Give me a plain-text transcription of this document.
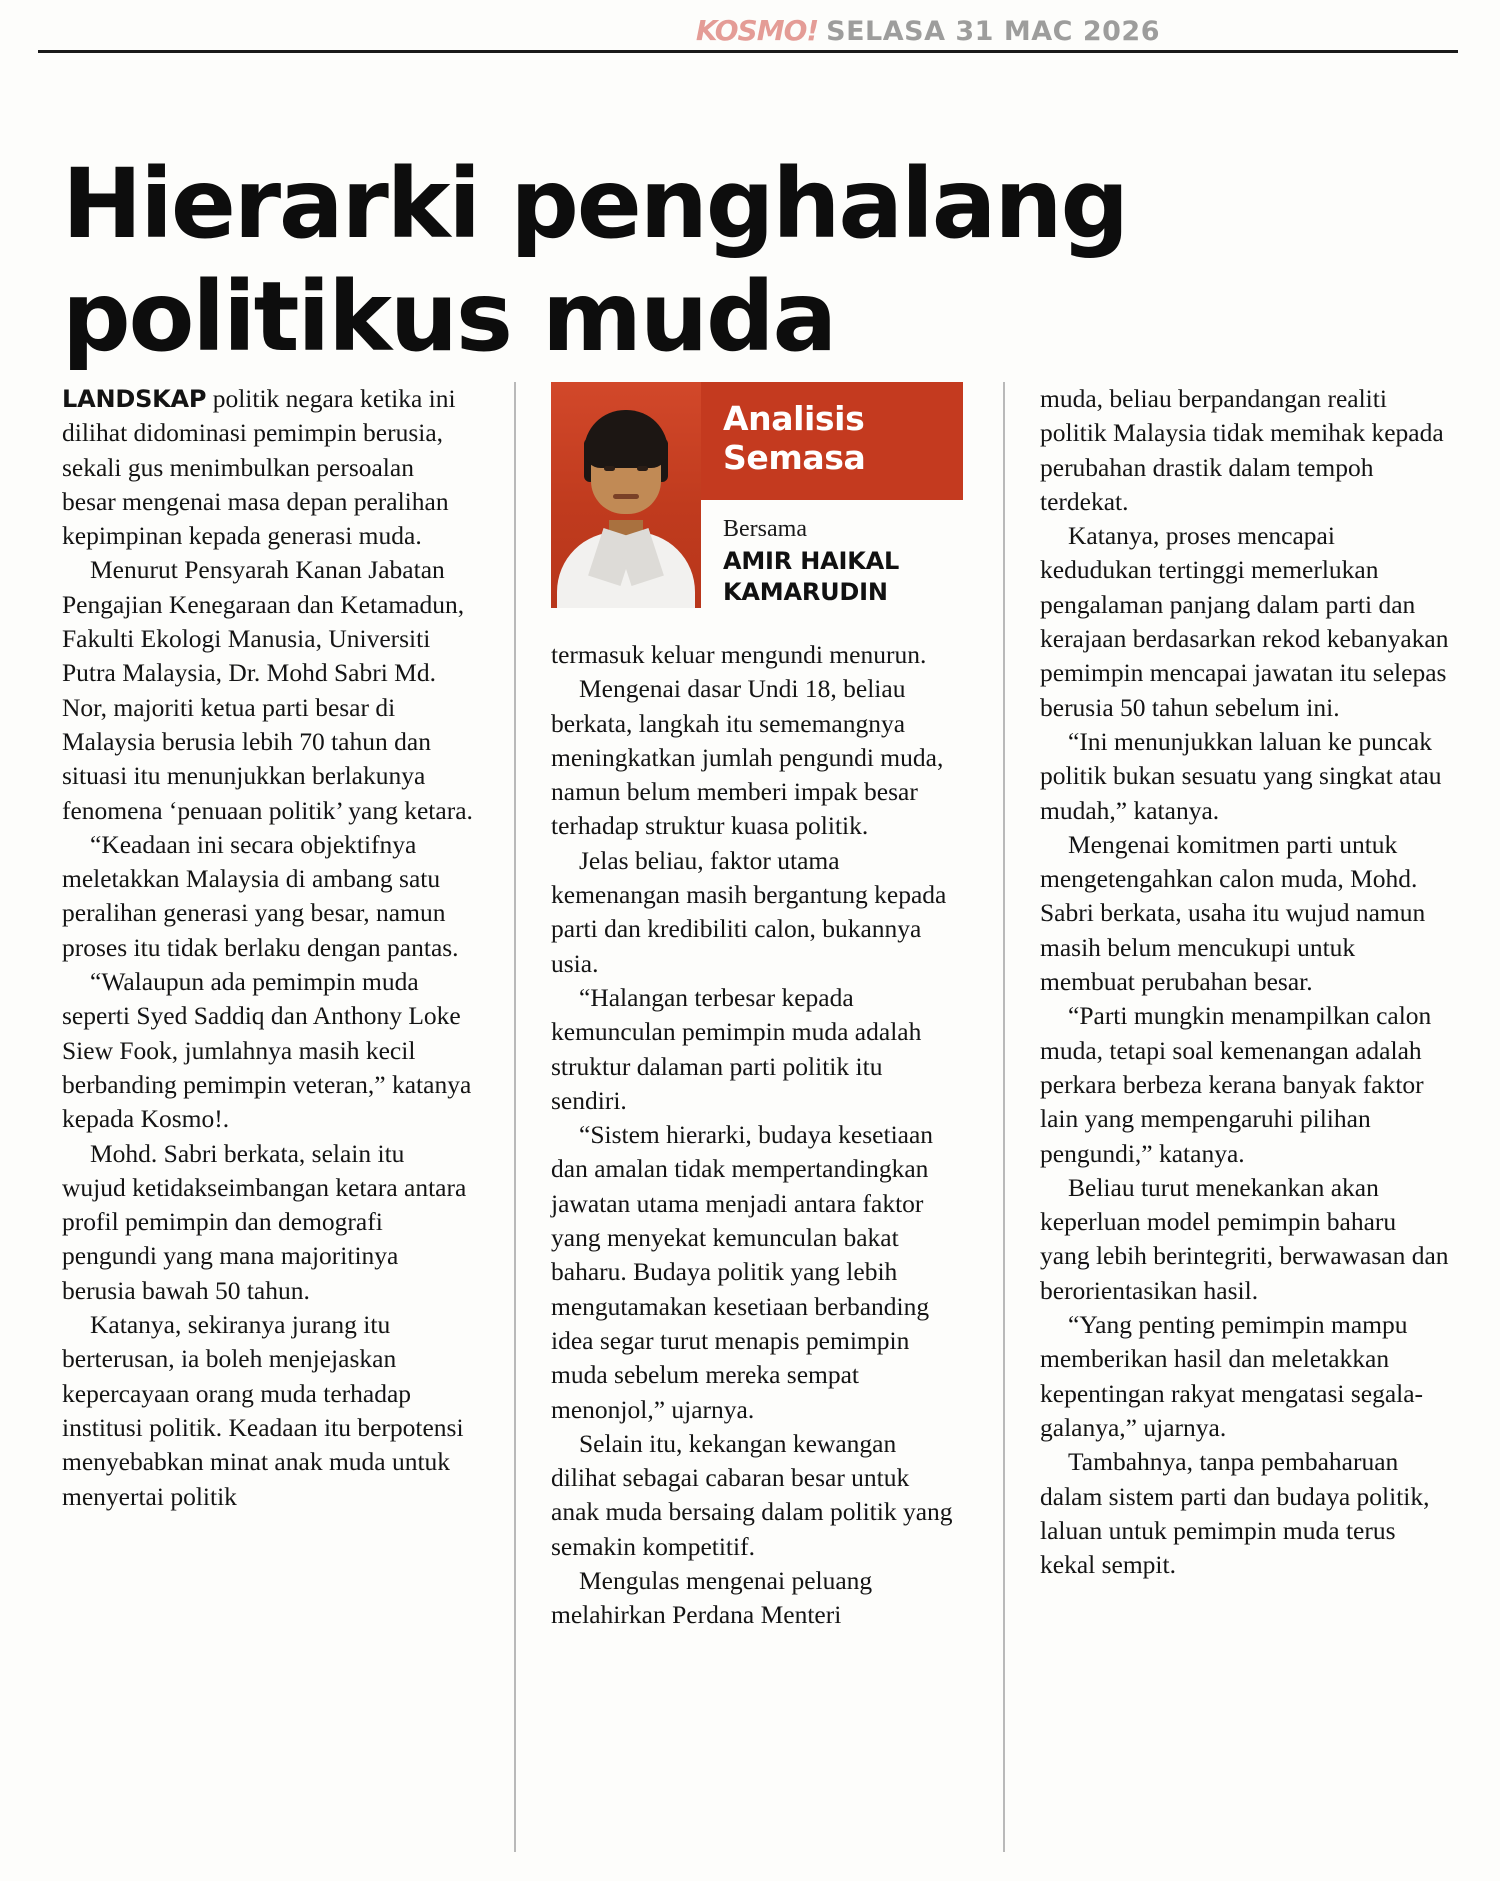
KOSMO! SELASA 31 MAC 2026
Hierarki penghalang
politikus muda
Analisis
Semasa
Bersama
AMIR HAIKAL
KAMARUDIN

LANDSKAP politik negara ketika ini dilihat didominasi pemimpin berusia, sekali gus menimbulkan persoalan besar mengenai masa depan peralihan kepimpinan kepada generasi muda.

Menurut Pensyarah Kanan Jabatan Pengajian Kenegaraan dan Ketamadun, Fakulti Ekologi Manusia, Universiti Putra Malaysia, Dr. Mohd Sabri Md. Nor, majoriti ketua parti besar di Malaysia berusia lebih 70 tahun dan situasi itu menunjukkan berlakunya fenomena ‘penuaan politik’ yang ketara.

“Keadaan ini secara objektifnya meletakkan Malaysia di ambang satu peralihan generasi yang besar, namun proses itu tidak berlaku dengan pantas.

“Walaupun ada pemimpin muda seperti Syed Saddiq dan Anthony Loke Siew Fook, jumlahnya masih kecil berbanding pemimpin veteran,” katanya kepada Kosmo!.

Mohd. Sabri berkata, selain itu wujud ketidakseimbangan ketara antara profil pemimpin dan demografi pengundi yang mana majoritinya berusia bawah 50 tahun.

Katanya, sekiranya jurang itu berterusan, ia boleh menjejaskan kepercayaan orang muda terhadap institusi politik. Keadaan itu berpotensi menyebabkan minat anak muda untuk menyertai politik

termasuk keluar mengundi menurun.

Mengenai dasar Undi 18, beliau berkata, langkah itu sememangnya meningkatkan jumlah pengundi muda, namun belum memberi impak besar terhadap struktur kuasa politik.

Jelas beliau, faktor utama kemenangan masih bergantung kepada parti dan kredibiliti calon, bukannya usia.

“Halangan terbesar kepada kemunculan pemimpin muda adalah struktur dalaman parti politik itu sendiri.

“Sistem hierarki, budaya kesetiaan dan amalan tidak mempertandingkan jawatan utama menjadi antara faktor yang menyekat kemunculan bakat baharu. Budaya politik yang lebih mengutamakan kesetiaan berbanding idea segar turut menapis pemimpin muda sebelum mereka sempat menonjol,” ujarnya.

Selain itu, kekangan kewangan dilihat sebagai cabaran besar untuk anak muda bersaing dalam politik yang semakin kompetitif.

Mengulas mengenai peluang melahirkan Perdana Menteri

muda, beliau berpandangan realiti politik Malaysia tidak memihak kepada perubahan drastik dalam tempoh terdekat.

Katanya, proses mencapai kedudukan tertinggi memerlukan pengalaman panjang dalam parti dan kerajaan berdasarkan rekod kebanyakan pemimpin mencapai jawatan itu selepas berusia 50 tahun sebelum ini.

“Ini menunjukkan laluan ke puncak politik bukan sesuatu yang singkat atau mudah,” katanya.

Mengenai komitmen parti untuk mengetengahkan calon muda, Mohd. Sabri berkata, usaha itu wujud namun masih belum mencukupi untuk membuat perubahan besar.

“Parti mungkin menampilkan calon muda, tetapi soal kemenangan adalah perkara berbeza kerana banyak faktor lain yang mempengaruhi pilihan pengundi,” katanya.

Beliau turut menekankan akan keperluan model pemimpin baharu yang lebih berintegriti, berwawasan dan berorientasikan hasil.

“Yang penting pemimpin mampu memberikan hasil dan meletakkan kepentingan rakyat mengatasi segala-galanya,” ujarnya.

Tambahnya, tanpa pembaharuan dalam sistem parti dan budaya politik, laluan untuk pemimpin muda terus kekal sempit.
